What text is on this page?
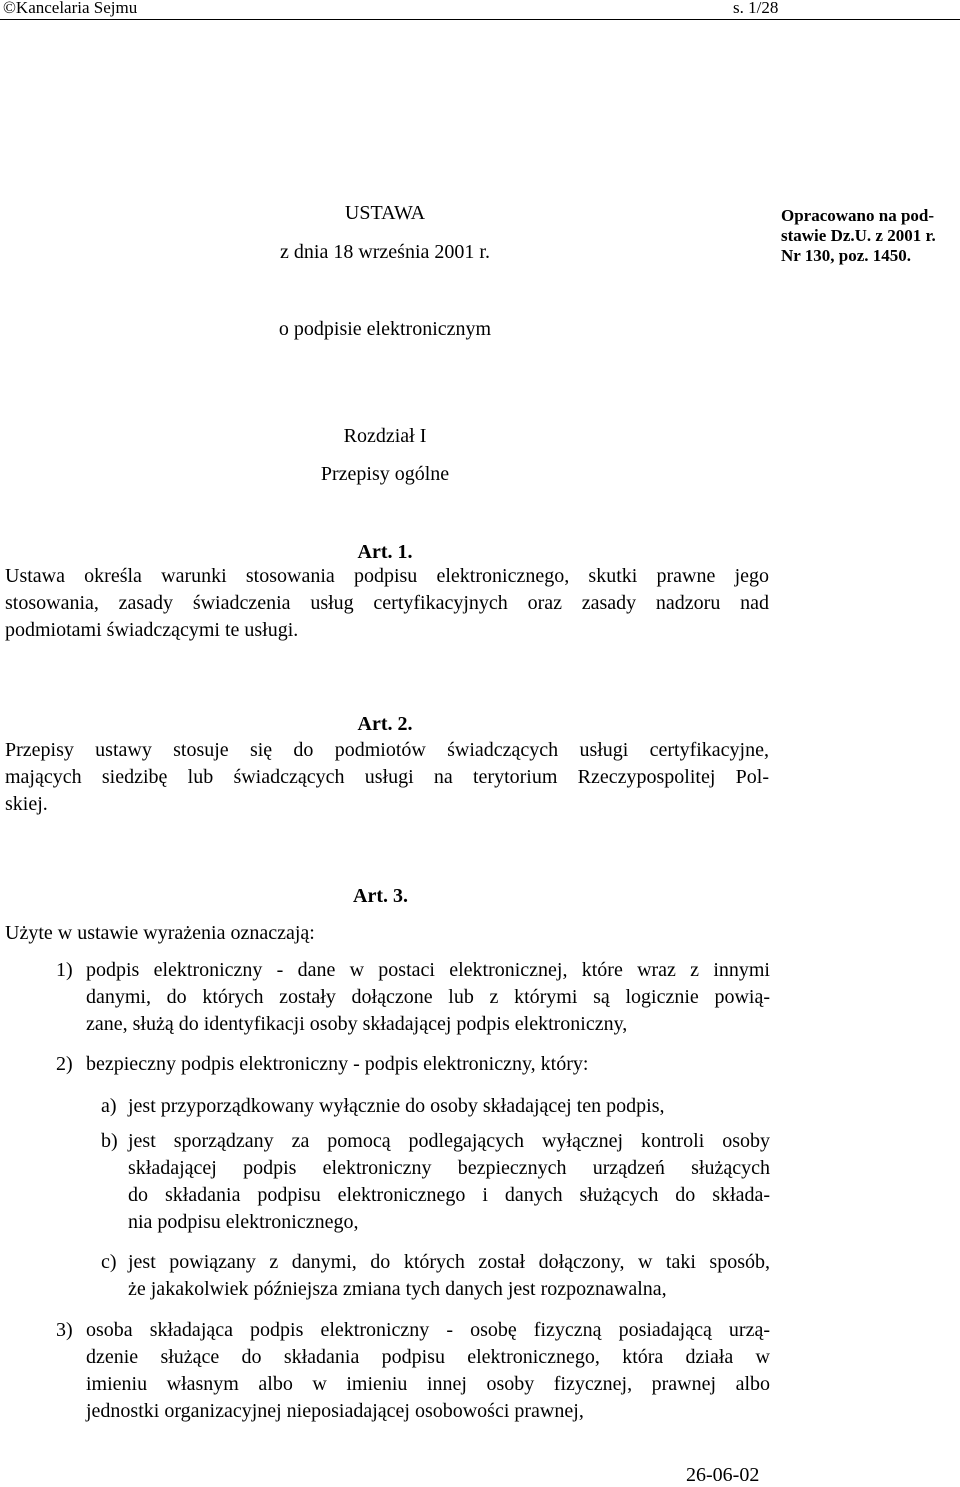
©Kancelaria Sejmu	s. 1/28
USTAWA
z dnia 18 września 2001 r.
o podpisie elektronicznym
Opracowano na pod-
stawie Dz.U. z 2001 r.
Nr 130, poz. 1450.
Rozdział I
Przepisy ogólne
Art. 1.
Ustawa określa warunki stosowania podpisu elektronicznego, skutki prawne jego
stosowania, zasady świadczenia usług certyfikacyjnych oraz zasady nadzoru nad
podmiotami świadczącymi te usługi.
Art. 2.
Przepisy ustawy stosuje się do podmiotów świadczących usługi certyfikacyjne,
mających siedzibę lub świadczących usługi na terytorium Rzeczypospolitej Pol-
skiej.
Art. 3.
Użyte w ustawie wyrażenia oznaczają:
1) podpis elektroniczny - dane w postaci elektronicznej, które wraz z innymi
danymi, do których zostały dołączone lub z którymi są logicznie powią-
zane, służą do identyfikacji osoby składającej podpis elektroniczny,
2) bezpieczny podpis elektroniczny - podpis elektroniczny, który:
a) jest przyporządkowany wyłącznie do osoby składającej ten podpis,
b) jest sporządzany za pomocą podlegających wyłącznej kontroli osoby
składającej podpis elektroniczny bezpiecznych urządzeń służących
do składania podpisu elektronicznego i danych służących do składa-
nia podpisu elektronicznego,
c) jest powiązany z danymi, do których został dołączony, w taki sposób,
że jakakolwiek późniejsza zmiana tych danych jest rozpoznawalna,
3) osoba składająca podpis elektroniczny - osobę fizyczną posiadającą urzą-
dzenie służące do składania podpisu elektronicznego, która działa w
imieniu własnym albo w imieniu innej osoby fizycznej, prawnej albo
jednostki organizacyjnej nieposiadającej osobowości prawnej,
26-06-02
